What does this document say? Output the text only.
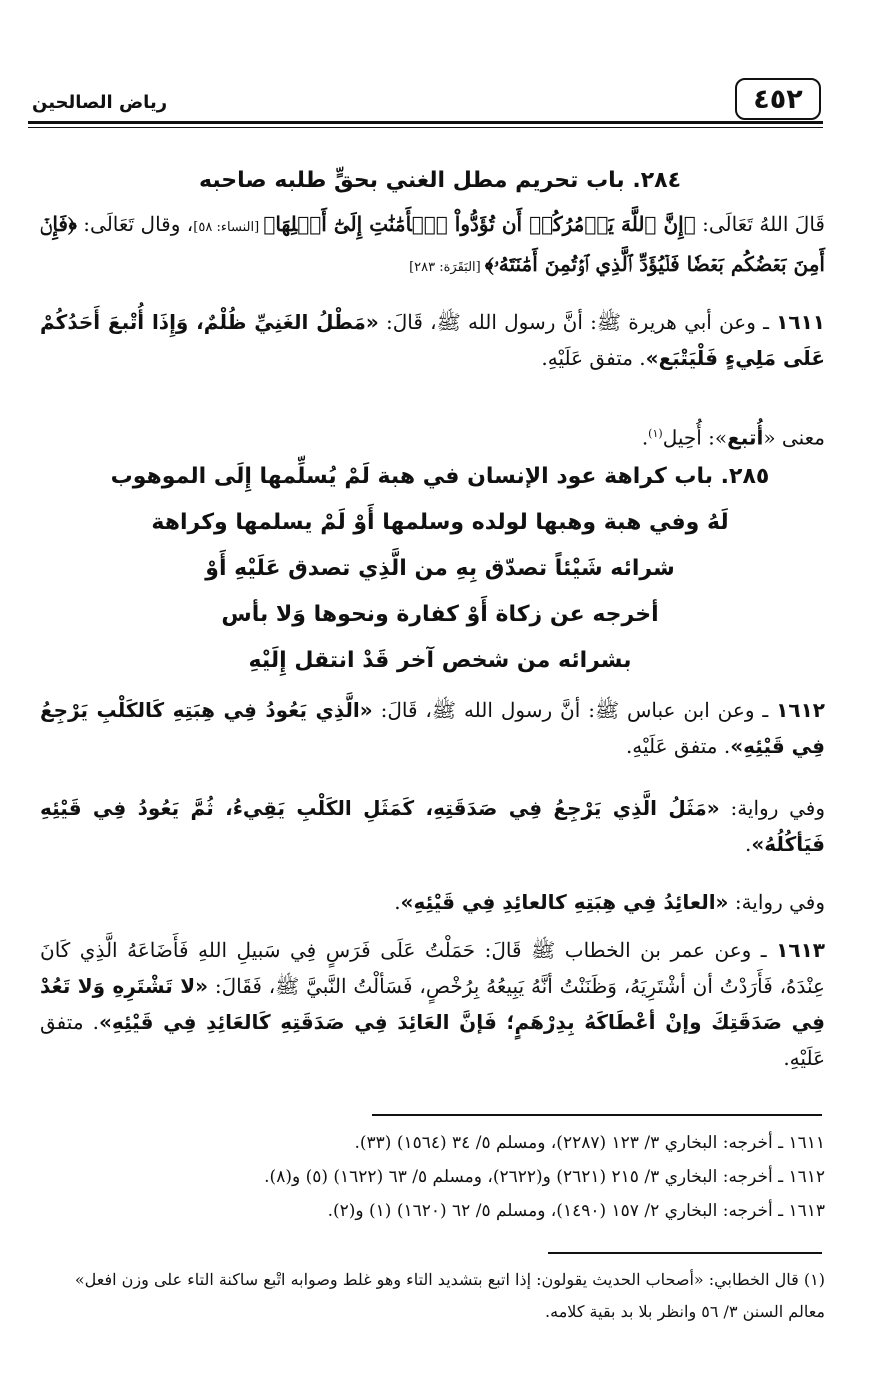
٤٥٢
رياض الصالحين
٢٨٤. باب تحريم مطل الغني بحقٍّ طلبه صاحبه
قَالَ اللهُ تَعَالَى: ﴿إِنَّ ٱللَّهَ يَأۡمُرُكُمۡ أَن تُؤَدُّواْ ٱلۡأَمَٰنَٰتِ إِلَىٰٓ أَهۡلِهَا﴾ [النساء: ٥٨]، وقال تَعَالَى: ﴿فَإِنۡ أَمِنَ بَعۡضُكُم بَعۡضٗا فَلۡيُؤَدِّ ٱلَّذِي ٱؤۡتُمِنَ أَمَٰنَتَهُۥ﴾ [البَقَرَة: ٢٨٣]
١٦١١ ـ وعن أبي هريرة ﷺ: أنَّ رسول الله ﷺ، قَالَ: «مَطْلُ الغَنِيِّ ظُلْمٌ، وَإِذَا أُتْبعَ أَحَدُكُمْ عَلَى مَلِيءٍ فَلْيَتْبَع». متفق عَلَيْهِ.
معنى «أُتبع»: أُحِيل$^{(١)}$.
٢٨٥. باب كراهة عود الإنسان في هبة لَمْ يُسلِّمها إِلَى الموهوب
لَهُ وفي هبة وهبها لولده وسلمها أَوْ لَمْ يسلمها وكراهة
شرائه شَيْئاً تصدّق بِهِ من الَّذِي تصدق عَلَيْهِ أَوْ
أخرجه عن زكاة أَوْ كفارة ونحوها وَلا بأس
بشرائه من شخص آخر قَدْ انتقل إِلَيْهِ
١٦١٢ ـ وعن ابن عباس ﷺ: أنَّ رسول الله ﷺ، قَالَ: «الَّذِي يَعُودُ فِي هِبَتِهِ كَالكَلْبِ يَرْجِعُ فِي قَيْئِهِ». متفق عَلَيْهِ.
وفي رواية: «مَثَلُ الَّذِي يَرْجِعُ فِي صَدَقَتِهِ، كَمَثَلِ الكَلْبِ يَقِيءُ، ثُمَّ يَعُودُ فِي قَيْئِهِ فَيَأكُلُهُ».
وفي رواية: «العائِدُ فِي هِبَتِهِ كالعائِدِ فِي قَيْئِهِ».
١٦١٣ ـ وعن عمر بن الخطاب ﷺ قَالَ: حَمَلْتُ عَلَى فَرَسٍ فِي سَبيلِ اللهِ فَأَضَاعَهُ الَّذِي كَانَ عِنْدَهُ، فَأَرَدْتُ أن أشْتَرِيَهُ، وَظَنَنْتُ أنَّهُ يَبِيعُهُ بِرُخْصٍ، فَسَألْتُ النَّبيَّ ﷺ، فَقَالَ: «لا تَشْتَرِهِ وَلا تَعُدْ فِي صَدَقَتِكَ وإنْ أعْطَاكَهُ بِدِرْهَمٍ؛ فَإنَّ العَائِدَ فِي صَدَقَتِهِ كَالعَائِدِ فِي قَيْئِهِ». متفق عَلَيْهِ.
١٦١١ ـ أخرجه: البخاري ٣/ ١٢٣ (٢٢٨٧)، ومسلم ٥/ ٣٤ (١٥٦٤) (٣٣).
١٦١٢ ـ أخرجه: البخاري ٣/ ٢١٥ (٢٦٢١) و(٢٦٢٢)، ومسلم ٥/ ٦٣ (١٦٢٢) (٥) و(٨).
١٦١٣ ـ أخرجه: البخاري ٢/ ١٥٧ (١٤٩٠)، ومسلم ٥/ ٦٢ (١٦٢٠) (١) و(٢).
(١) قال الخطابي: «أصحاب الحديث يقولون: إذا اتبع بتشديد التاء وهو غلط وصوابه اتْبع ساكنة التاء على وزن افعل» معالم السنن ٣/ ٥٦ وانظر بلا بد بقية كلامه.
